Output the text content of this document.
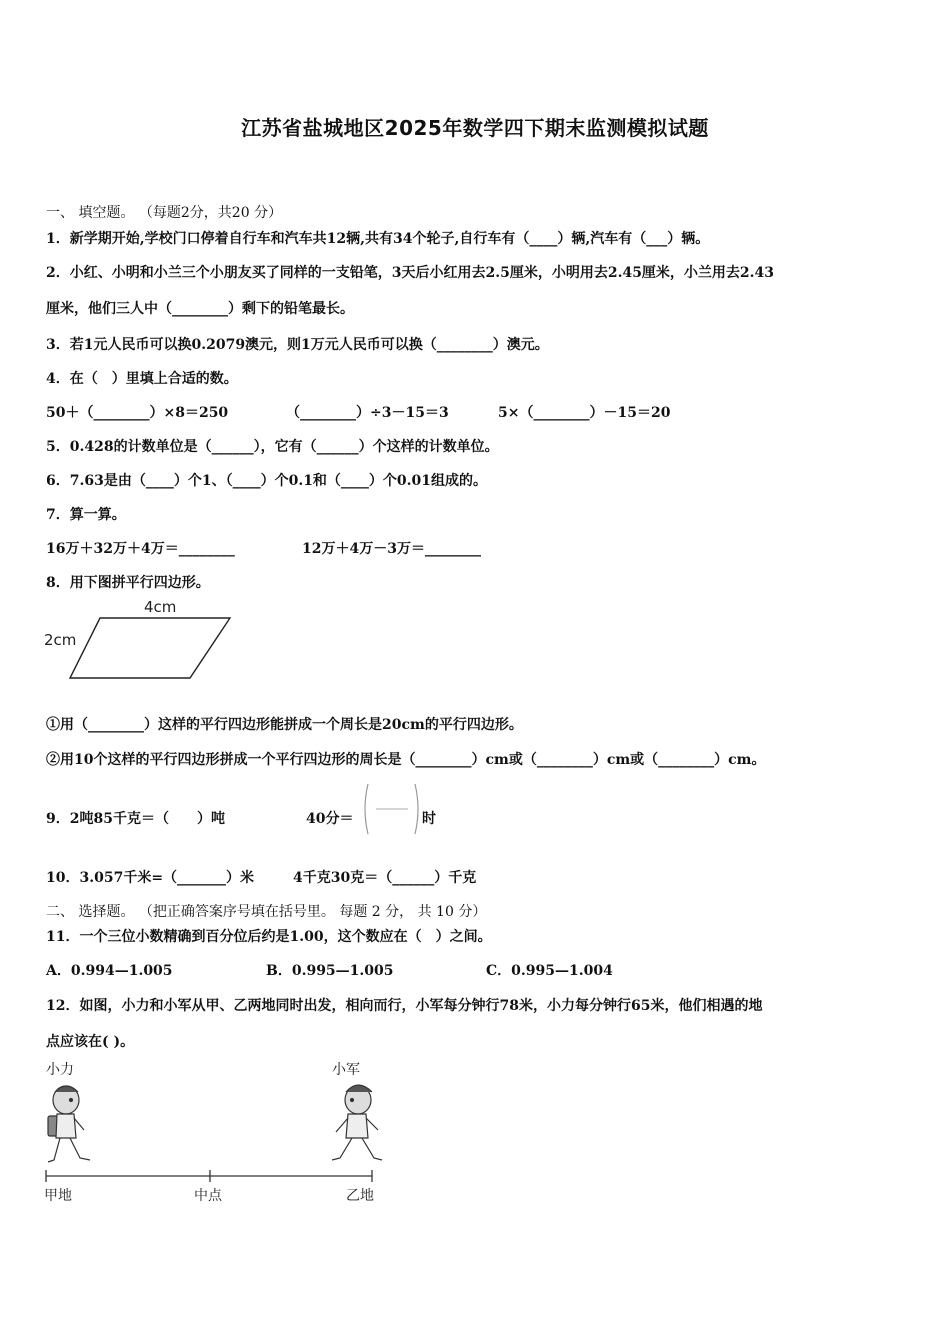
江苏省盐城地区2025年数学四下期末监测模拟试题
一、 填空题。 （每题2分，共20 分）
1．新学期开始,学校门口停着自行车和汽车共12辆,共有34个轮子,自行车有（____）辆,汽车有（___）辆。
2．小红、小明和小兰三个小朋友买了同样的一支铅笔，3天后小红用去2.5厘米，小明用去2.45厘米，小兰用去2.43
厘米，他们三人中（________）剩下的铅笔最长。
3．若1元人民币可以换0.2079澳元，则1万元人民币可以换（________）澳元。
4．在（　）里填上合适的数。
50＋（________）×8＝250	（________）÷3－15＝3	5×（________）－15＝20
5．0.428的计数单位是（______），它有（______）个这样的计数单位。
6．7.63是由（____）个1、（____）个0.1和（____）个0.01组成的。
7．算一算。
16万＋32万＋4万＝________	12万＋4万－3万＝________
8．用下图拼平行四边形。
4cm
2cm
①用（________）这样的平行四边形能拼成一个周长是20cm的平行四边形。
②用10个这样的平行四边形拼成一个平行四边形的周长是（________）cm或（________）cm或（________）cm。
9．2吨85千克＝（　　）吨	40分＝	时
10．3.057千米=（_______）米	4千克30克＝（______）千克
二、 选择题。 （把正确答案序号填在括号里。 每题 2 分， 共 10 分）
11．一个三位小数精确到百分位后约是1.00，这个数应在（　）之间。
A．0.994—1.005	B．0.995—1.005	C．0.995—1.004
12．如图，小力和小军从甲、乙两地同时出发，相向而行，小军每分钟行78米，小力每分钟行65米，他们相遇的地
点应该在( )。
小力	小军
甲地	中点	乙地
